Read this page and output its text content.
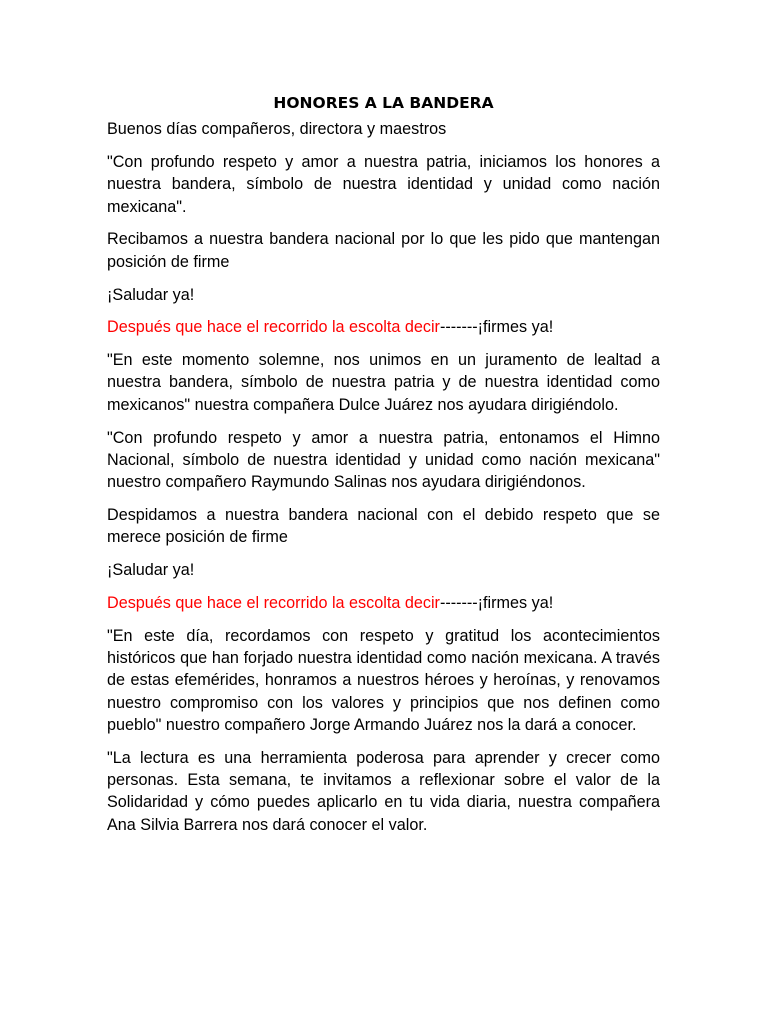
HONORES A LA BANDERA

Buenos días compañeros, directora y maestros

"Con profundo respeto y amor a nuestra patria, iniciamos los honores a nuestra bandera, símbolo de nuestra identidad y unidad como nación mexicana".

Recibamos a nuestra bandera nacional por lo que les pido que mantengan posición de firme

¡Saludar ya!

Después que hace el recorrido la escolta decir-------¡firmes ya!

"En este momento solemne, nos unimos en un juramento de lealtad a nuestra bandera, símbolo de nuestra patria y de nuestra identidad como mexicanos" nuestra compañera Dulce Juárez nos ayudara dirigiéndolo.

"Con profundo respeto y amor a nuestra patria, entonamos el Himno Nacional, símbolo de nuestra identidad y unidad como nación mexicana" nuestro compañero Raymundo Salinas nos ayudara dirigiéndonos.

Despidamos a nuestra bandera nacional con el debido respeto que se merece posición de firme

¡Saludar ya!

Después que hace el recorrido la escolta decir-------¡firmes ya!

"En este día, recordamos con respeto y gratitud los acontecimientos históricos que han forjado nuestra identidad como nación mexicana. A través de estas efemérides, honramos a nuestros héroes y heroínas, y renovamos nuestro compromiso con los valores y principios que nos definen como pueblo" nuestro compañero Jorge Armando Juárez nos la dará a conocer.

"La lectura es una herramienta poderosa para aprender y crecer como personas. Esta semana, te invitamos a reflexionar sobre el valor de la Solidaridad y cómo puedes aplicarlo en tu vida diaria, nuestra compañera Ana Silvia Barrera nos dará conocer el valor.
